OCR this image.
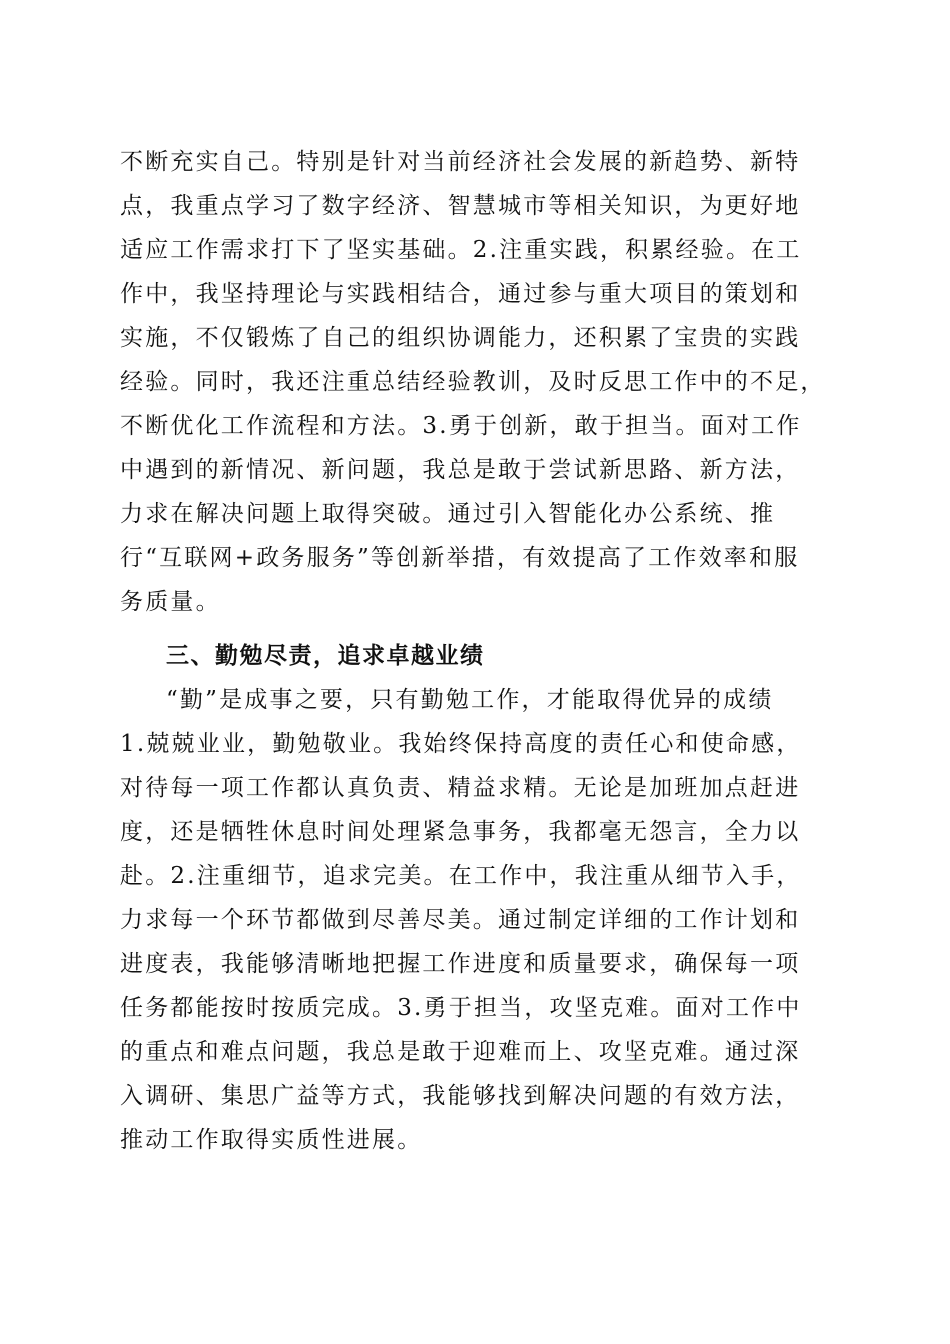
不断充实自己。特别是针对当前经济社会发展的新趋势、新特
点，我重点学习了数字经济、智慧城市等相关知识，为更好地
适应工作需求打下了坚实基础。2.注重实践，积累经验。在工
作中，我坚持理论与实践相结合，通过参与重大项目的策划和
实施，不仅锻炼了自己的组织协调能力，还积累了宝贵的实践
经验。同时，我还注重总结经验教训，及时反思工作中的不足，
不断优化工作流程和方法。3.勇于创新，敢于担当。面对工作
中遇到的新情况、新问题，我总是敢于尝试新思路、新方法，
力求在解决问题上取得突破。通过引入智能化办公系统、推
行“互联网+政务服务”等创新举措，有效提高了工作效率和服
务质量。
三、勤勉尽责，追求卓越业绩
“勤”是成事之要，只有勤勉工作，才能取得优异的成绩
1.兢兢业业，勤勉敬业。我始终保持高度的责任心和使命感，
对待每一项工作都认真负责、精益求精。无论是加班加点赶进
度，还是牺牲休息时间处理紧急事务，我都毫无怨言，全力以
赴。2.注重细节，追求完美。在工作中，我注重从细节入手，
力求每一个环节都做到尽善尽美。通过制定详细的工作计划和
进度表，我能够清晰地把握工作进度和质量要求，确保每一项
任务都能按时按质完成。3.勇于担当，攻坚克难。面对工作中
的重点和难点问题，我总是敢于迎难而上、攻坚克难。通过深
入调研、集思广益等方式，我能够找到解决问题的有效方法，
推动工作取得实质性进展。
